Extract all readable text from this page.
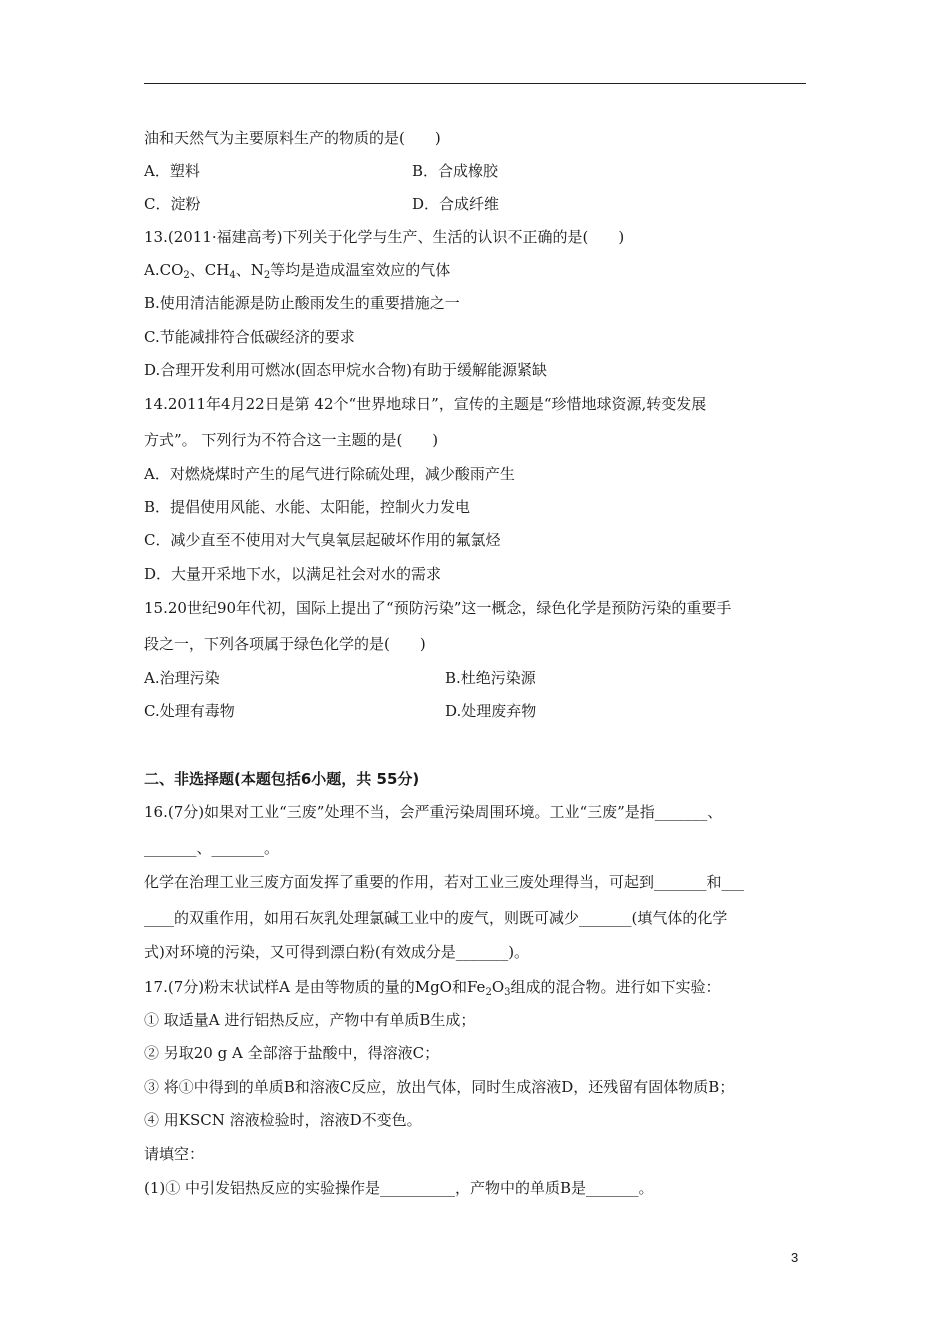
油和天然气为主要原料生产的物质的是(　　)
A．塑料	B．合成橡胶
C．淀粉	D．合成纤维
13.(2011·福建高考)下列关于化学与生产、生活的认识不正确的是(　　)
$A.CO_2$、$CH_4$、$N_2$等均是造成温室效应的气体
B.使用清洁能源是防止酸雨发生的重要措施之一
C.节能减排符合低碳经济的要求
D.合理开发利用可燃冰(固态甲烷水合物)有助于缓解能源紧缺
14.2011年4月22日是第 42个“世界地球日”，宣传的主题是“珍惜地球资源,转变发展
方式”。 下列行为不符合这一主题的是(　　)
A．对燃烧煤时产生的尾气进行除硫处理，减少酸雨产生
B．提倡使用风能、水能、太阳能，控制火力发电
C．减少直至不使用对大气臭氧层起破坏作用的氟氯烃
D．大量开采地下水，以满足社会对水的需求
15.20世纪90年代初，国际上提出了“预防污染”这一概念，绿色化学是预防污染的重要手
段之一，下列各项属于绿色化学的是(　　)
A.治理污染	B.杜绝污染源
C.处理有毒物	D.处理废弃物
二、非选择题(本题包括6小题，共 55分)
16.(7分)如果对工业“三废”处理不当，会严重污染周围环境。工业“三废”是指_______、
_______、_______。
化学在治理工业三废方面发挥了重要的作用，若对工业三废处理得当，可起到_______和___
____的双重作用，如用石灰乳处理氯碱工业中的废气，则既可减少_______(填气体的化学
式)对环境的污染，又可得到漂白粉(有效成分是_______)。
17.(7分)粉末状试样A 是由等物质的量的MgO和$Fe_2O_3$组成的混合物。进行如下实验：
① 取适量A 进行铝热反应，产物中有单质B生成；
② 另取20 g A 全部溶于盐酸中，得溶液C；
③ 将①中得到的单质B和溶液C反应，放出气体，同时生成溶液D，还残留有固体物质B；
④ 用KSCN 溶液检验时，溶液D不变色。
请填空：
(1)① 中引发铝热反应的实验操作是__________，产物中的单质B是_______。
3
